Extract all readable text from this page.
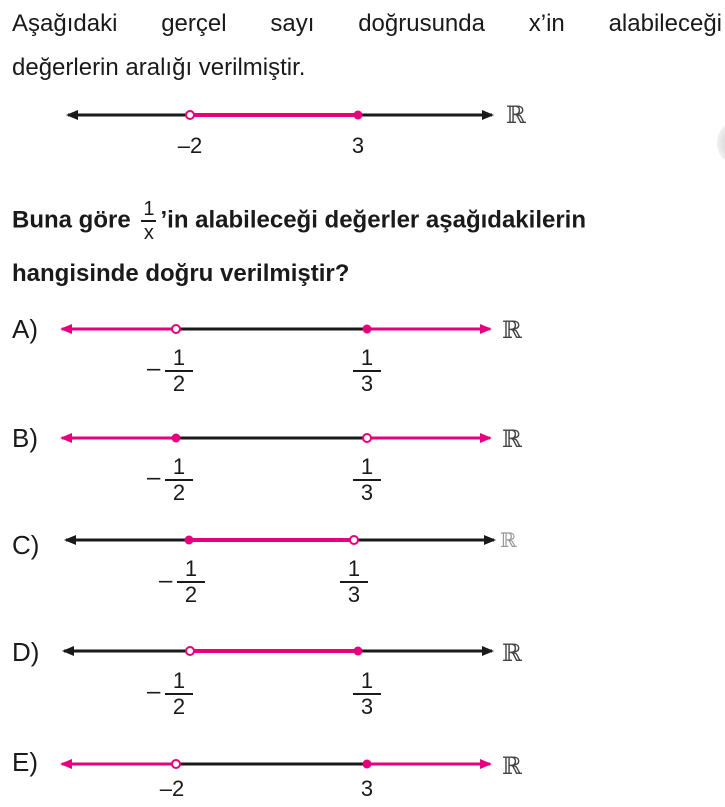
Aşağıdaki gerçel sayı doğrusunda x’in alabileceği
değerlerin aralığı verilmiştir.
–2	3
ℝ
Buna göre $\frac{1}{x}$ ’in alabileceği değerler aşağıdakilerin
hangisinde doğru verilmiştir?
A)
– $\frac{1}{2}$	$\frac{1}{3}$
ℝ
B)
– $\frac{1}{2}$	$\frac{1}{3}$
ℝ
C)
– $\frac{1}{2}$	$\frac{1}{3}$
ℝ
D)
– $\frac{1}{2}$	$\frac{1}{3}$
ℝ
E)
–2	3
ℝ
